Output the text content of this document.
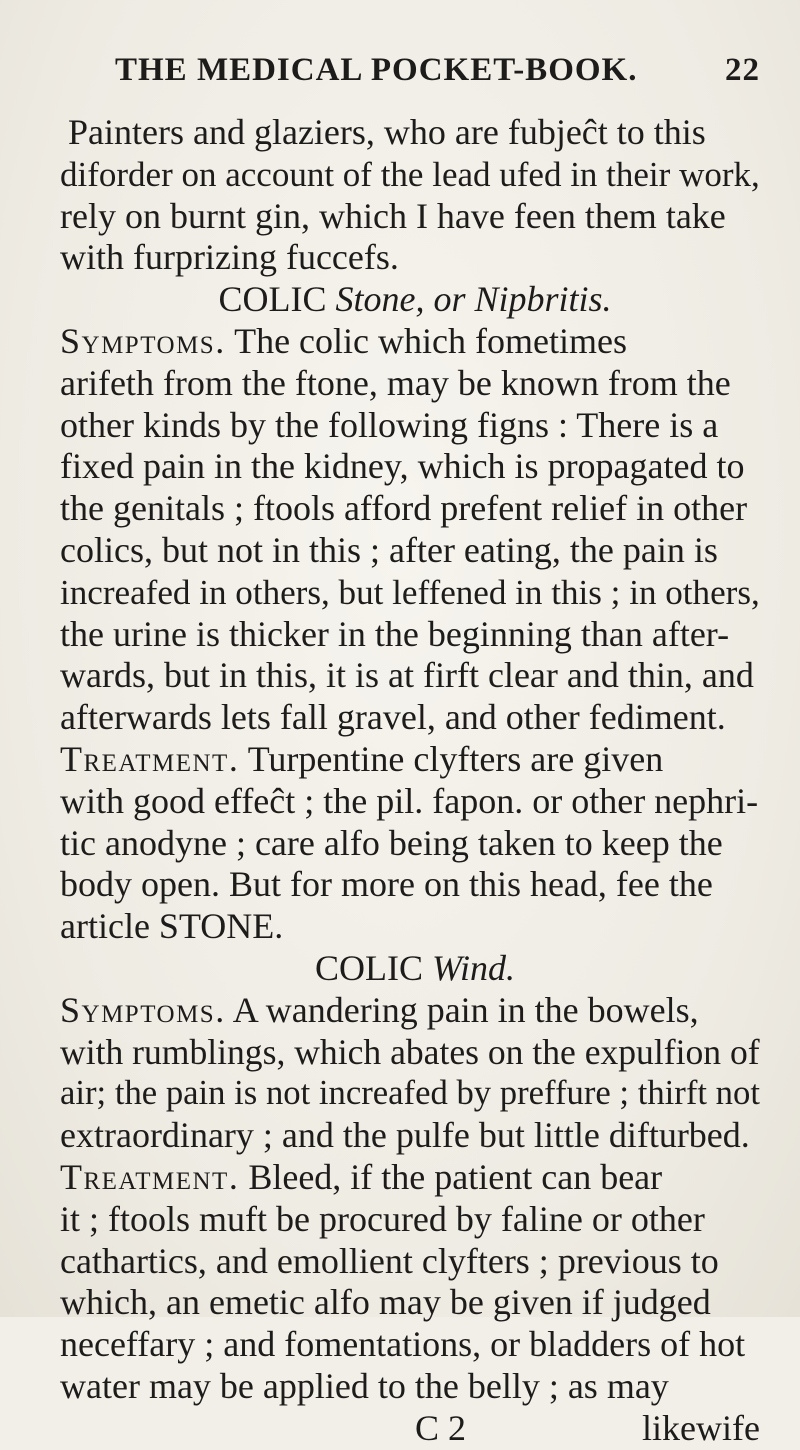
THE MEDICAL POCKET-BOOK.	22
Painters and glaziers, who are fubjeĉt to this
diforder on account of the lead ufed in their work,
rely on burnt gin, which I have feen them take
with furprizing fuccefs.
COLIC Stone, or Nipbritis.
Symptoms. The colic which fometimes
arifeth from the ftone, may be known from the
other kinds by the following figns : There is a
fixed pain in the kidney, which is propagated to
the genitals ; ftools afford prefent relief in other
colics, but not in this ; after eating, the pain is
increafed in others, but leffened in this ; in others,
the urine is thicker in the beginning than after-
wards, but in this, it is at firft clear and thin, and
afterwards lets fall gravel, and other fediment.
Treatment. Turpentine clyfters are given
with good effeĉt ; the pil. fapon. or other nephri-
tic anodyne ; care alfo being taken to keep the
body open. But for more on this head, fee the
article STONE.
COLIC Wind.
Symptoms. A wandering pain in the bowels,
with rumblings, which abates on the expulfion of
air; the pain is not increafed by preffure ; thirft not
extraordinary ; and the pulfe but little difturbed.
Treatment. Bleed, if the patient can bear
it ; ftools muft be procured by faline or other
cathartics, and emollient clyfters ; previous to
which, an emetic alfo may be given if judged
neceffary ; and fomentations, or bladders of hot
water may be applied to the belly ; as may
C 2	likewife
